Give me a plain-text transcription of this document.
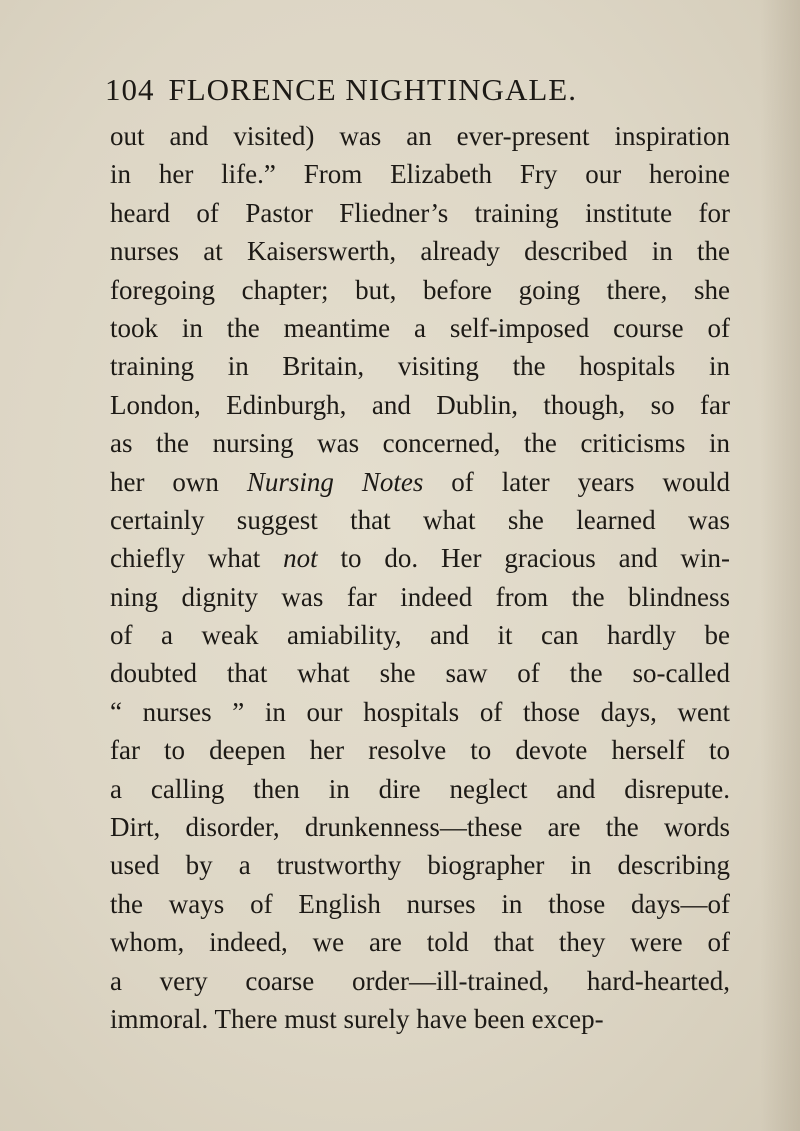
104 FLORENCE NIGHTINGALE.
out and visited) was an ever-present inspiration
in her life.” From Elizabeth Fry our heroine
heard of Pastor Fliedner’s training institute for
nurses at Kaiserswerth, already described in the
foregoing chapter; but, before going there, she
took in the meantime a self-imposed course of
training in Britain, visiting the hospitals in
London, Edinburgh, and Dublin, though, so far
as the nursing was concerned, the criticisms in
her own Nursing Notes of later years would
certainly suggest that what she learned was
chiefly what not to do. Her gracious and win-
ning dignity was far indeed from the blindness
of a weak amiability, and it can hardly be
doubted that what she saw of the so-called
“ nurses ” in our hospitals of those days, went
far to deepen her resolve to devote herself to
a calling then in dire neglect and disrepute.
Dirt, disorder, drunkenness—these are the words
used by a trustworthy biographer in describing
the ways of English nurses in those days—of
whom, indeed, we are told that they were of
a very coarse order—ill-trained, hard-hearted,
immoral. There must surely have been excep-
